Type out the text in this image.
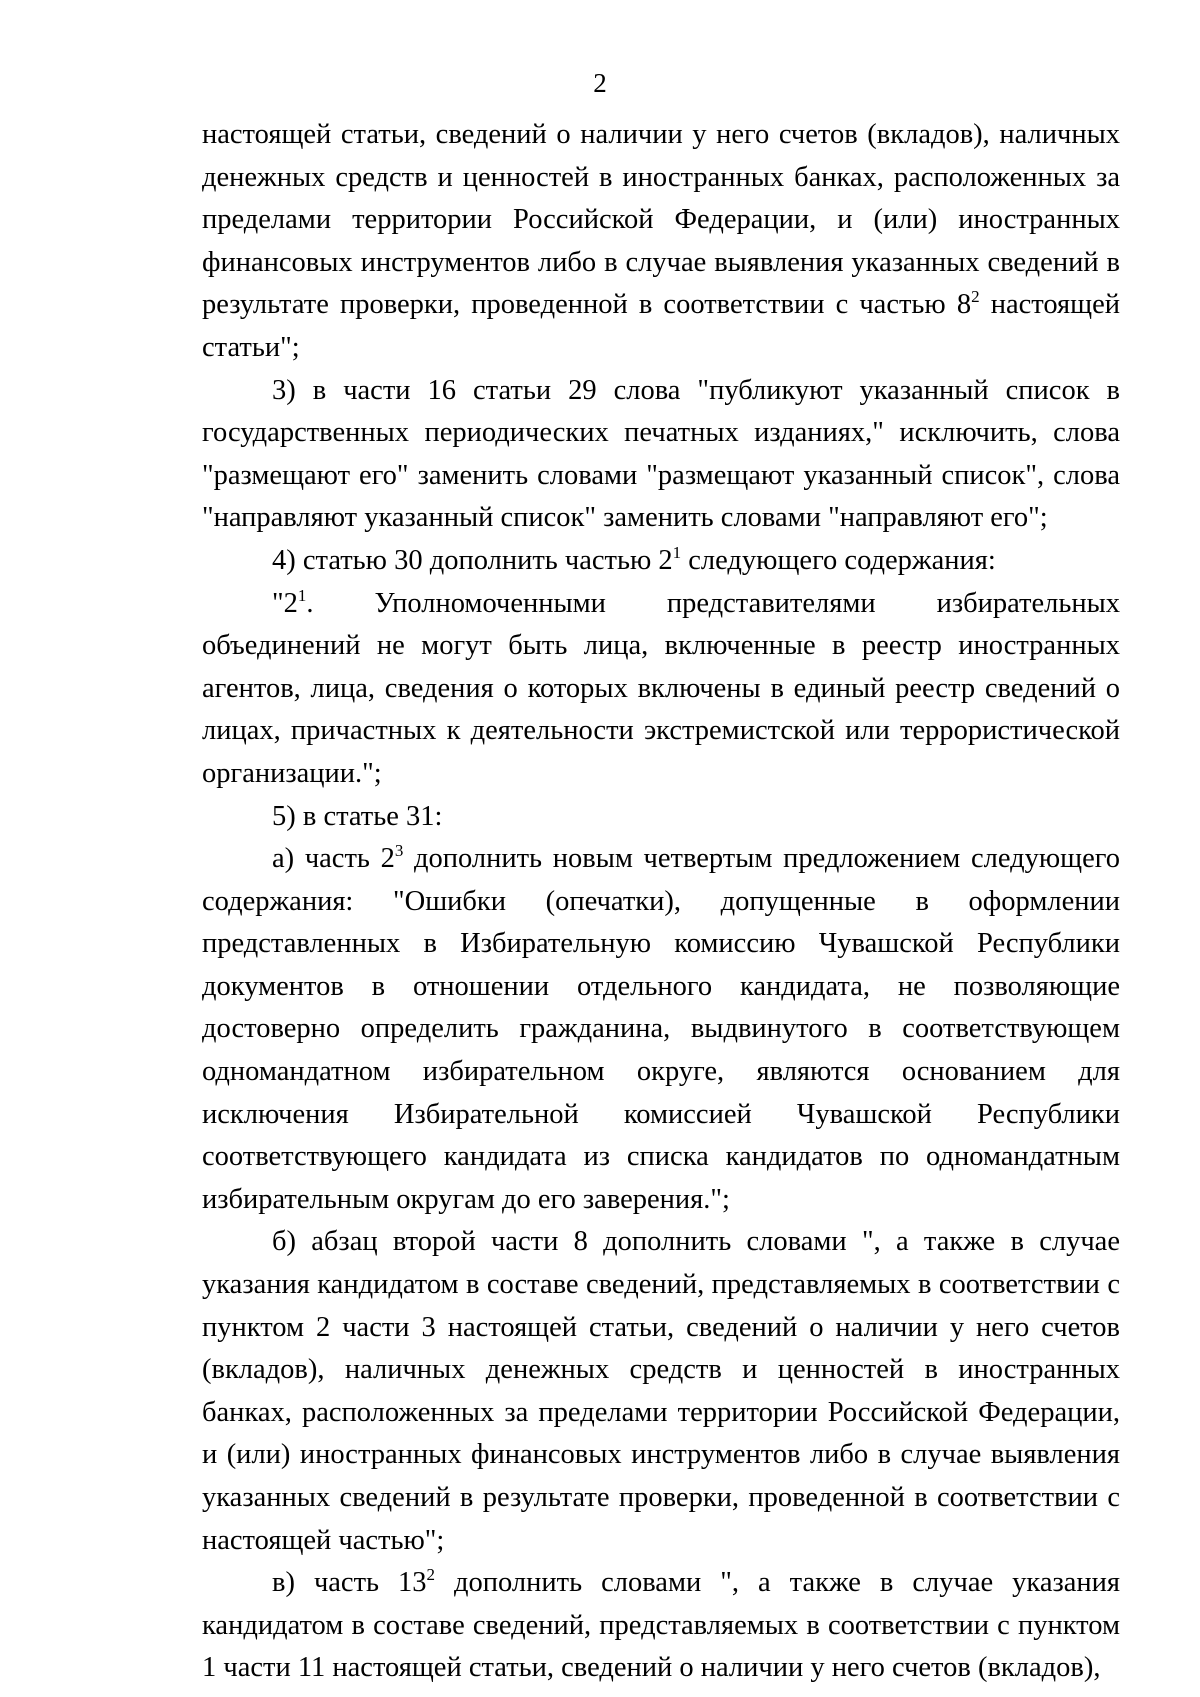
2

настоящей статьи, сведений о наличии у него счетов (вкладов), наличных денежных средств и ценностей в иностранных банках, расположенных за пределами территории Российской Федерации, и (или) иностранных финансовых инструментов либо в случае выявления указанных сведений в результате проверки, проведенной в соответствии с частью $8^2$ настоящей статьи";

3) в части 16 статьи 29 слова "публикуют указанный список в государственных периодических печатных изданиях," исключить, слова "размещают его" заменить словами "размещают указанный список", слова "направляют указанный список" заменить словами "направляют его";

4) статью 30 дополнить частью $2^1$ следующего содержания:

"$2^1$. Уполномоченными представителями избирательных объединений не могут быть лица, включенные в реестр иностранных агентов, лица, сведения о которых включены в единый реестр сведений о лицах, причастных к деятельности экстремистской или террористической организации.";

5) в статье 31:

а) часть $2^3$ дополнить новым четвертым предложением следующего содержания: "Ошибки (опечатки), допущенные в оформлении представленных в Избирательную комиссию Чувашской Республики документов в отношении отдельного кандидата, не позволяющие достоверно определить гражданина, выдвинутого в соответствующем одномандатном избирательном округе, являются основанием для исключения Избирательной комиссией Чувашской Республики соответствующего кандидата из списка кандидатов по одномандатным избирательным округам до его заверения.";

б) абзац второй части 8 дополнить словами ", а также в случае указания кандидатом в составе сведений, представляемых в соответствии с пунктом 2 части 3 настоящей статьи, сведений о наличии у него счетов (вкладов), наличных денежных средств и ценностей в иностранных банках, расположенных за пределами территории Российской Федерации, и (или) иностранных финансовых инструментов либо в случае выявления указанных сведений в результате проверки, проведенной в соответствии с настоящей частью";

в) часть $13^2$ дополнить словами ", а также в случае указания кандидатом в составе сведений, представляемых в соответствии с пунктом 1 части 11 настоящей статьи, сведений о наличии у него счетов (вкладов),
